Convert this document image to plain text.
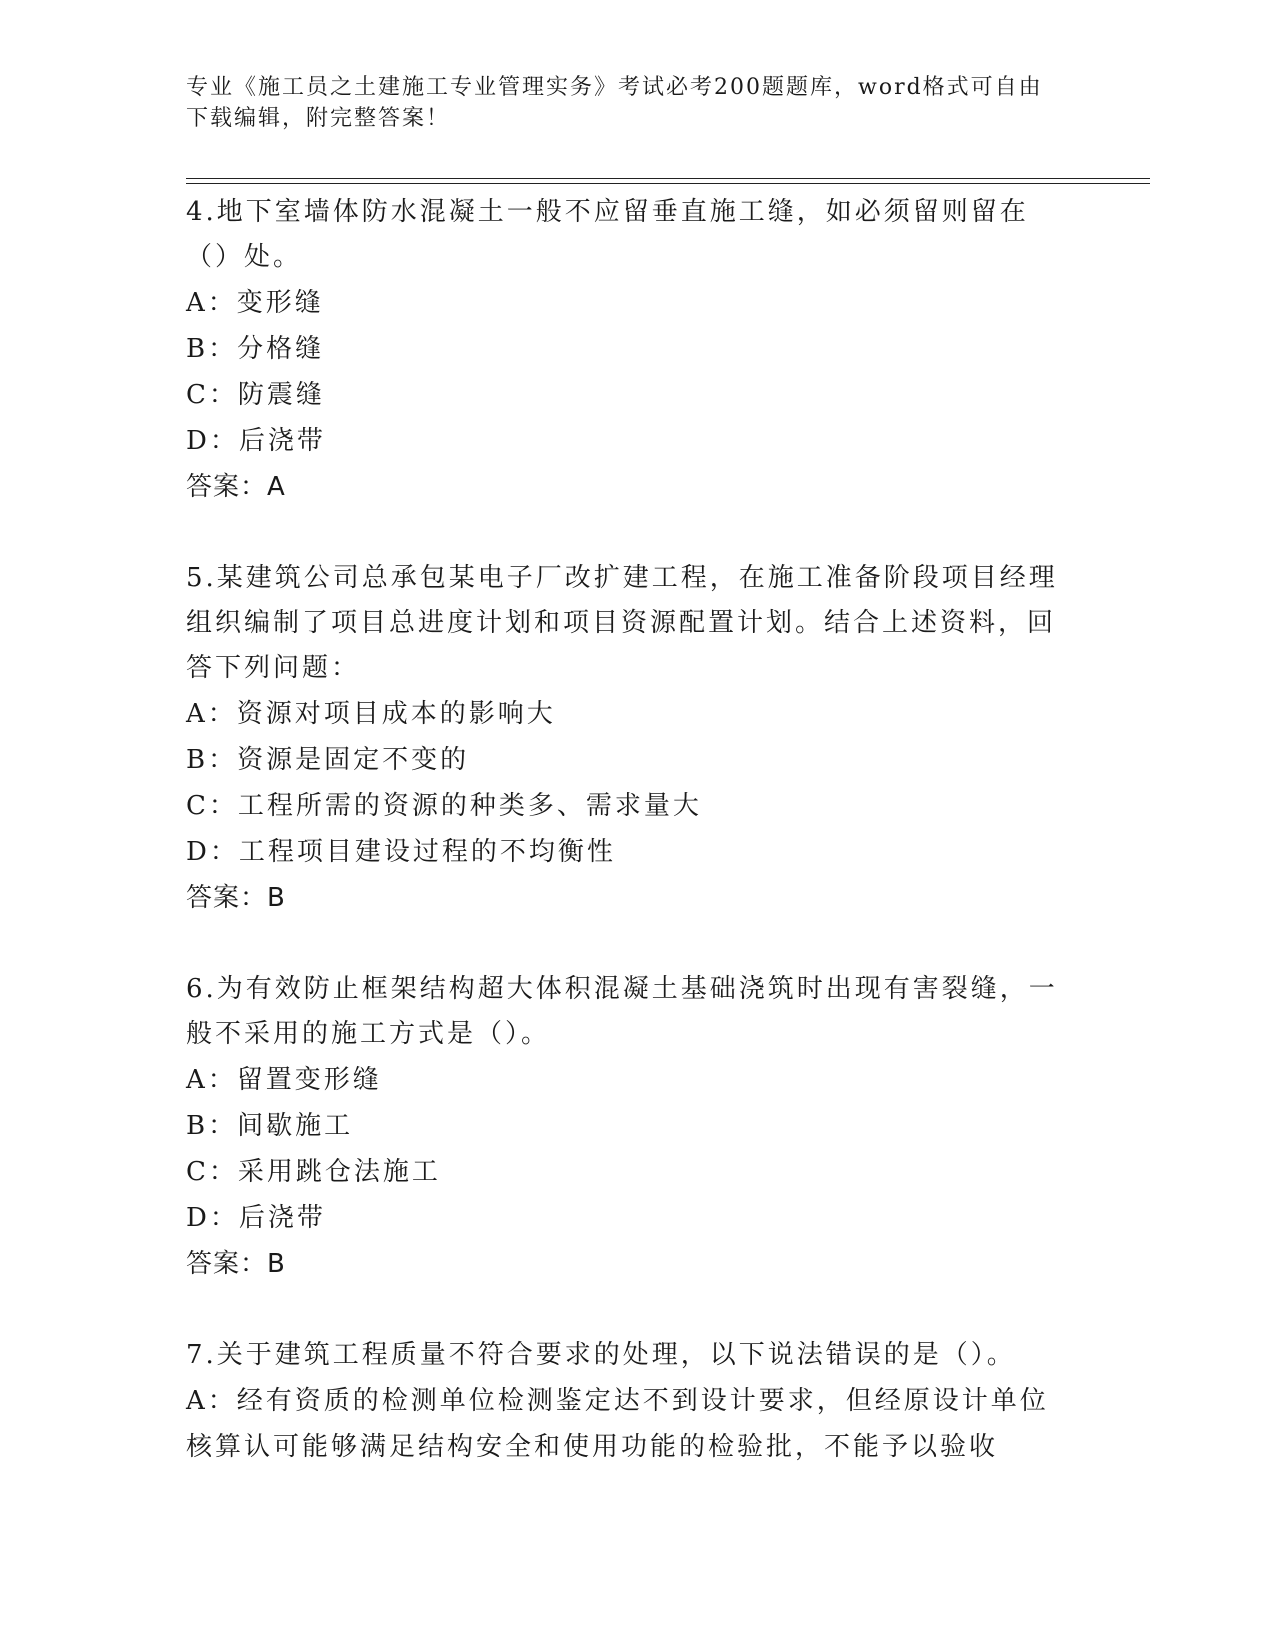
专业《施工员之土建施工专业管理实务》考试必考200题题库，word格式可自由下载编辑，附完整答案！
4.地下室墙体防水混凝土一般不应留垂直施工缝，如必须留则留在（）处。
A：变形缝
B：分格缝
C：防震缝
D：后浇带
答案：A
5.某建筑公司总承包某电子厂改扩建工程，在施工准备阶段项目经理组织编制了项目总进度计划和项目资源配置计划。结合上述资料，回答下列问题：
A：资源对项目成本的影响大
B：资源是固定不变的
C：工程所需的资源的种类多、需求量大
D：工程项目建设过程的不均衡性
答案：B
6.为有效防止框架结构超大体积混凝土基础浇筑时出现有害裂缝，一般不采用的施工方式是（）。
A：留置变形缝
B：间歇施工
C：采用跳仓法施工
D：后浇带
答案：B
7.关于建筑工程质量不符合要求的处理，以下说法错误的是（）。
A：经有资质的检测单位检测鉴定达不到设计要求，但经原设计单位核算认可能够满足结构安全和使用功能的检验批，不能予以验收
